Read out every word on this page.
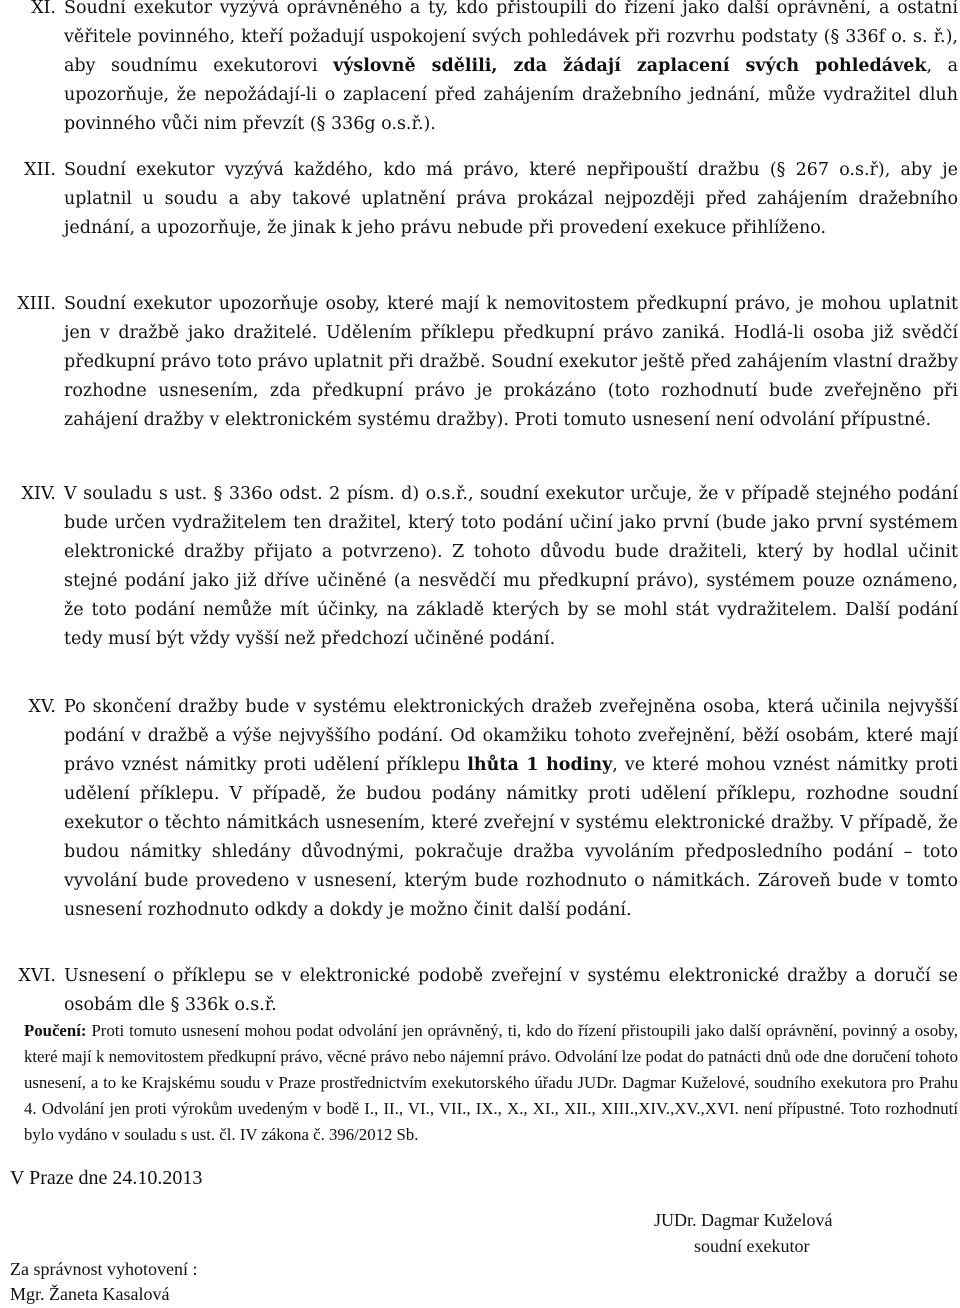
XI. Soudní exekutor vyzývá oprávněného a ty, kdo přistoupili do řízení jako další oprávnění, a ostatní věřitele povinného, kteří požadují uspokojení svých pohledávek při rozvrhu podstaty (§ 336f o. s. ř.), aby soudnímu exekutorovi výslovně sdělili, zda žádají zaplacení svých pohledávek, a upozorňuje, že nepožádají-li o zaplacení před zahájením dražebního jednání, může vydražitel dluh povinného vůči nim převzít (§ 336g o.s.ř.).
XII. Soudní exekutor vyzývá každého, kdo má právo, které nepřipouští dražbu (§ 267 o.s.ř), aby je uplatnil u soudu a aby takové uplatnění práva prokázal nejpozději před zahájením dražebního jednání, a upozorňuje, že jinak k jeho právu nebude při provedení exekuce přihlíženo.
XIII. Soudní exekutor upozorňuje osoby, které mají k nemovitostem předkupní právo, je mohou uplatnit jen v dražbě jako dražitelé. Udělením příklepu předkupní právo zaniká. Hodlá-li osoba již svědčí předkupní právo toto právo uplatnit při dražbě. Soudní exekutor ještě před zahájením vlastní dražby rozhodne usnesením, zda předkupní právo je prokázáno (toto rozhodnutí bude zveřejněno při zahájení dražby v elektronickém systému dražby). Proti tomuto usnesení není odvolání přípustné.
XIV. V souladu s ust. § 336o odst. 2 písm. d) o.s.ř., soudní exekutor určuje, že v případě stejného podání bude určen vydražitelem ten dražitel, který toto podání učiní jako první (bude jako první systémem elektronické dražby přijato a potvrzeno). Z tohoto důvodu bude dražiteli, který by hodlal učinit stejné podání jako již dříve učiněné (a nesvědčí mu předkupní právo), systémem pouze oznámeno, že toto podání nemůže mít účinky, na základě kterých by se mohl stát vydražitelem. Další podání tedy musí být vždy vyšší než předchozí učiněné podání.
XV. Po skončení dražby bude v systému elektronických dražeb zveřejněna osoba, která učinila nejvyšší podání v dražbě a výše nejvyššího podání. Od okamžiku tohoto zveřejnění, běží osobám, které mají právo vznést námitky proti udělení příklepu lhůta 1 hodiny, ve které mohou vznést námitky proti udělení příklepu. V případě, že budou podány námitky proti udělení příklepu, rozhodne soudní exekutor o těchto námitkách usnesením, které zveřejní v systému elektronické dražby. V případě, že budou námitky shledány důvodnými, pokračuje dražba vyvoláním předposledního podání – toto vyvolání bude provedeno v usnesení, kterým bude rozhodnuto o námitkách. Zároveň bude v tomto usnesení rozhodnuto odkdy a dokdy je možno činit další podání.
XVI. Usnesení o příklepu se v elektronické podobě zveřejní v systému elektronické dražby a doručí se osobám dle § 336k o.s.ř.
Poučení: Proti tomuto usnesení mohou podat odvolání jen oprávněný, ti, kdo do řízení přistoupili jako další oprávnění, povinný a osoby, které mají k nemovitostem předkupní právo, věcné právo nebo nájemní právo. Odvolání lze podat do patnácti dnů ode dne doručení tohoto usnesení, a to ke Krajskému soudu v Praze prostřednictvím exekutorského úřadu JUDr. Dagmar Kuželové, soudního exekutora pro Prahu 4. Odvolání jen proti výrokům uvedeným v bodě I., II., VI., VII., IX., X., XI., XII., XIII.,XIV.,XV.,XVI. není přípustné. Toto rozhodnutí bylo vydáno v souladu s ust. čl. IV zákona č. 396/2012 Sb.
V Praze dne 24.10.2013
JUDr. Dagmar Kuželová
soudní exekutor
Za správnost vyhotovení :
Mgr. Žaneta Kasalová
